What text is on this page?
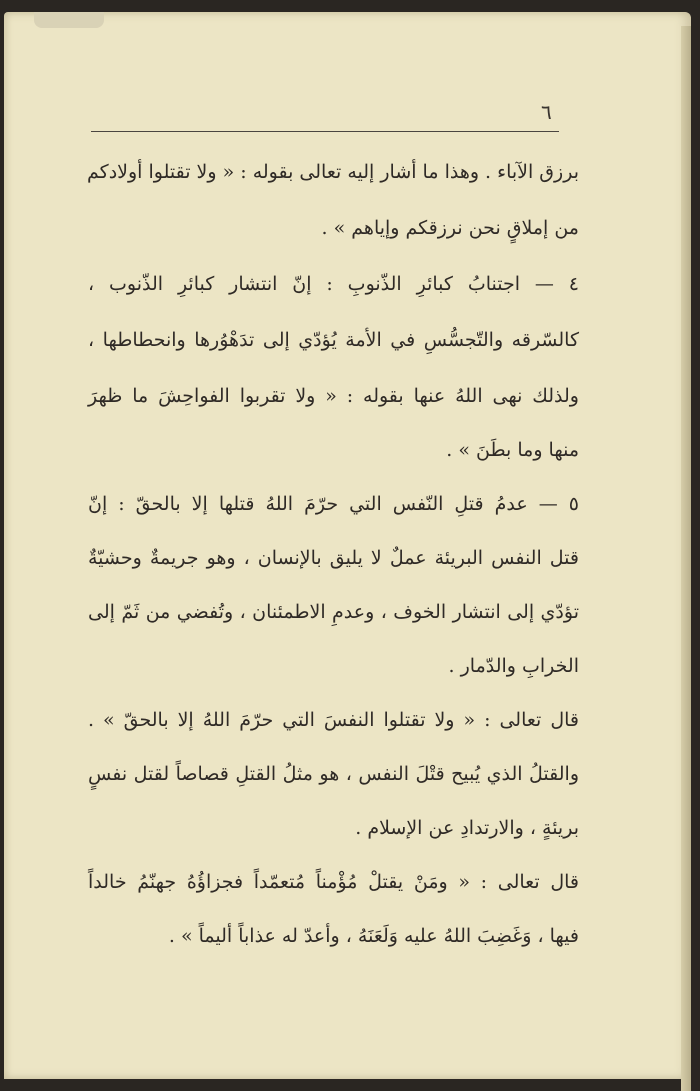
٦
برزق الآباء . وهذا ما أشار إليه تعالى بقوله : « ولا تقتلوا أولادكم
من إملاقٍ نحن نرزقكم وإياهم » .
٤ — اجتنابُ كبائرِ الذّنوبِ : إنّ انتشار كبائرِ الذّنوب ،
كالسّرقه والتّجسُّسِ في الأمة يُؤدّي إلى تدَهْوُرها وانحطاطها ،
ولذلك نهى اللهُ عنها بقوله : « ولا تقربوا الفواحِشَ ما ظهرَ
منها وما بطَنَ » .
٥ — عدمُ قتلِ النّفس التي حرّمَ اللهُ قتلها إلا بالحقّ : إنّ
قتل النفس البريئة عملٌ لا يليق بالإنسان ، وهو جريمةٌ وحشيّةٌ
تؤدّي إلى انتشار الخوف ، وعدمِ الاطمئنان ، وتُفضي من ثَمّ إلى
الخرابِ والدّمار .
قال تعالى : « ولا تقتلوا النفسَ التي حرّمَ اللهُ إلا بالحقّ » .
والقتلُ الذي يُبيح قتْلَ النفس ، هو مثلُ القتلِ قصاصاً لقتل نفسٍ
بريئةٍ ، والارتدادِ عن الإسلام .
قال تعالى : « ومَنْ يقتلْ مُؤْمناً مُتعمّداً فجزاؤُهُ جهنّمُ خالداً
فيها ، وَغَضِبَ اللهُ عليه وَلَعَنَهُ ، وأعدّ له عذاباً أليماً » .
